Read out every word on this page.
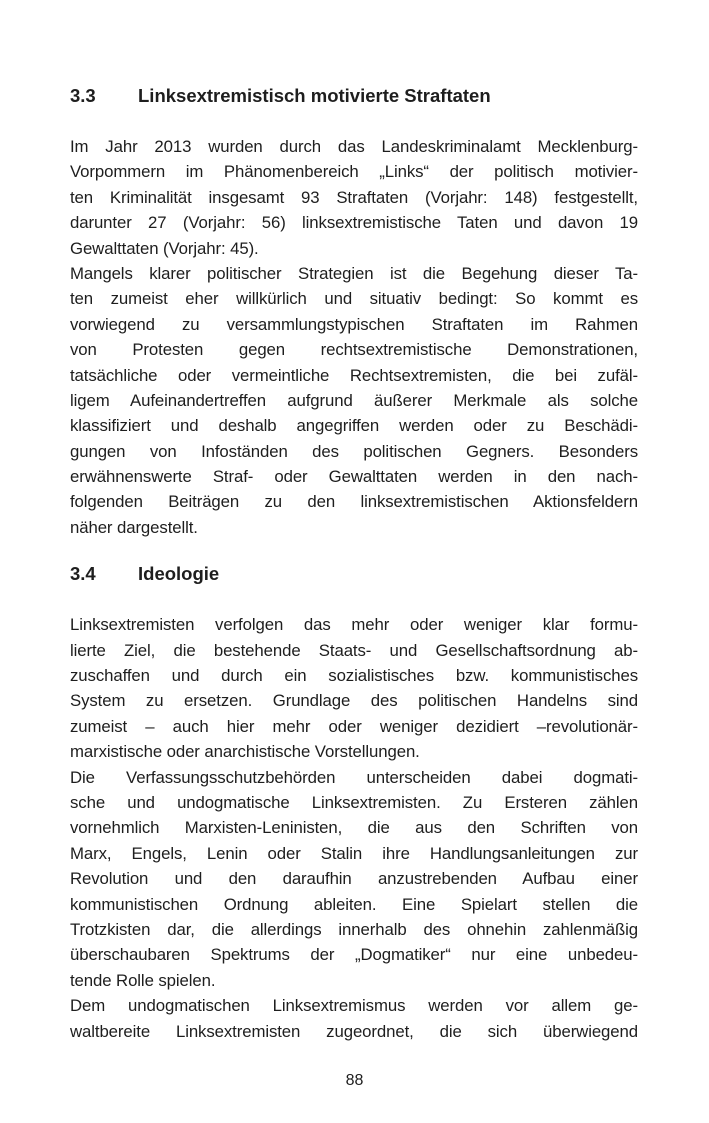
3.3 Linksextremistisch motivierte Straftaten
Im Jahr 2013 wurden durch das Landeskriminalamt Mecklenburg-
Vorpommern im Phänomenbereich „Links“ der politisch motivier-
ten Kriminalität insgesamt 93 Straftaten (Vorjahr: 148) festgestellt,
darunter 27 (Vorjahr: 56) linksextremistische Taten und davon 19
Gewalttaten (Vorjahr: 45).
Mangels klarer politischer Strategien ist die Begehung dieser Ta-
ten zumeist eher willkürlich und situativ bedingt: So kommt es
vorwiegend zu versammlungstypischen Straftaten im Rahmen
von Protesten gegen rechtsextremistische Demonstrationen,
tatsächliche oder vermeintliche Rechtsextremisten, die bei zufäl-
ligem Aufeinandertreffen aufgrund äußerer Merkmale als solche
klassifiziert und deshalb angegriffen werden oder zu Beschädi-
gungen von Infoständen des politischen Gegners. Besonders
erwähnenswerte Straf- oder Gewalttaten werden in den nach-
folgenden Beiträgen zu den linksextremistischen Aktionsfeldern
näher dargestellt.
3.4 Ideologie
Linksextremisten verfolgen das mehr oder weniger klar formu-
lierte Ziel, die bestehende Staats- und Gesellschaftsordnung ab-
zuschaffen und durch ein sozialistisches bzw. kommunistisches
System zu ersetzen. Grundlage des politischen Handelns sind
zumeist – auch hier mehr oder weniger dezidiert –revolutionär-
marxistische oder anarchistische Vorstellungen.
Die Verfassungsschutzbehörden unterscheiden dabei dogmati-
sche und undogmatische Linksextremisten. Zu Ersteren zählen
vornehmlich Marxisten-Leninisten, die aus den Schriften von
Marx, Engels, Lenin oder Stalin ihre Handlungsanleitungen zur
Revolution und den daraufhin anzustrebenden Aufbau einer
kommunistischen Ordnung ableiten. Eine Spielart stellen die
Trotzkisten dar, die allerdings innerhalb des ohnehin zahlenmäßig
überschaubaren Spektrums der „Dogmatiker“ nur eine unbedeu-
tende Rolle spielen.
Dem undogmatischen Linksextremismus werden vor allem ge-
waltbereite Linksextremisten zugeordnet, die sich überwiegend
88
